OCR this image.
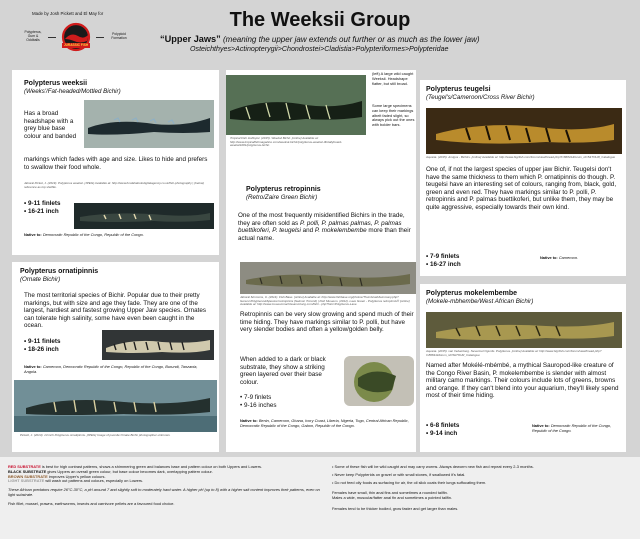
Made by Josh Pickett and El May for
Polypterus,
Gum &
Oddballs
JURASSIC FISH
Polyploid
Formation
The Weeksii Group
“Upper Jaws” (meaning the upper jaw extends out further or as much as the lower jaw)
Osteichthyes>Actinopterygii>Chondrostei>Cladistia>Polypteriformes>Polypteridae
Polypterus weeksii
(Weeks'/Fat-headed/Mottled Bichir)
Has a broad headshape with a grey blue base colour and banded
markings which fades with age and size. Likes to hide and prefers to swallow their food whole.
Jaboral Picket, J. (2019). Polypterus weeksii. [JPEG] Available at: http://www.fundahabotodigitalagency.co.uk/fish-photography | (below) reference as top shelfile.
• 9-11 finlets
• 16-21 inch
Native to: Democratic Republic of the Congo, Republic of the Congo.
Tropical Fish Hobbyist. (2015). Weeksii Bichir. [online] Available at: http://www.tropicalfishmagazine.com/weeksii-bichir/polypterus-weeksii-tftotallyboard-weeksii1001/pclypterus-bichir.
(left) A large wild caught Weeksii. Headshape flatter, but still broad.
Some large specimens can keep their markings albeit faded slight, so always pick out the ones with bolder bars.
Polypterus ornatipinnis
(Ornate Bichir)
The most territorial species of Bichir. Popular due to their pretty markings, but with size and age they fade. They are one of the largest, hardiest and fastest growing Upper Jaw species. Ornates can tolerate high salinity, some have even been caught in the ocean.
• 9-11 finlets
• 18-26 inch
Native to: Cameroon, Democratic Republic of the Congo, Republic of the Congo, Burundi, Tanzania, Angola.
Pickett, J. (2013). 13 inch Polypterus ornatipinnis. [JPEG] Image of juvenile Ornate Bichir photographer unknown.
Polypterus retropinnis
(Retro/Zaire Green Bichir)
One of the most frequently misidentified Bichirs in the trade, they are often sold as P. polli, P. palmas palmas, P. palmas buettikoferi, P. teugelsi and P. mokelembembe more than their actual name.
Jaboral Simmons, U. (2014). Fish Base. [online] Available at: http://www.fishbase.org/photos/ThumbnailsSummary.php?Genus=Polypterus&Species=retropinnis (Saimon Torrenti) | Fish Museum. (2012). Lave Green - Polypterus retropinnis® [online] Available at: http://www.museumnachtssammlung.com/fish/...php?foto=Polypterus-Lave.
Retropinnis can be very slow growing and spend much of their time hiding. They have markings similar to P. polli, but have very slender bodies and often a yellow/golden belly.
When added to a dark or black substrate, they show a striking green layered over their base colour.
• 7-9 finlets
• 9-16 inches
Native to: Benin, Cameroon, Ghana, Ivory Coast, Liberia, Nigeria, Togo, Central African Republic, Democratic Republic of the Congo, Gabon, Republic of the Congo.
Polypterus teugelsi
(Teugel's/Cameroon/Cross River Bichir)
Aquaria. (2015). Amigos - Bichirs. [online] Available at: http://www.bigrfish.com/forum/viewthread.php?t=86841&forum_id=5&TOUR_Catalogue
One of, if not the largest species of upper jaw Bichir. Teugelsi don't have the same thickness to them which P. ornatipinnis do though. P. teugelsi have an interesting set of colours, ranging from, black, gold, green and even red. They have markings similar to P. polli, P. retropinnis and P. palmas buettikoferi, but unlike them, they may be quite aggressive, especially towards their own kind.
• 7-9 finlets
• 16-27 inch
Native to: Cameroon.
Polypterus mokelembembe
(Mokele-mbhembe/West African Bichir)
Aquaria. (2015). van Velsenberg. Nevermel Ogunfe. Polypterus. [online] Available at: http://www.bigrfish.com/forum/viewthread.php?t=86841&forum_id=5&TOUR_Catalogue
Named after Mokélé-mbémbé, a mythical Sauropod-like creature of the Congo River Basin, P. mokelembembe is slender with almost military camo markings. Their colours include lots of greens, browns and orange. If they can't blend into your aquarium, they'll likely spend most of their time hiding.
• 6-8 finlets
• 9-14 inch
Native to: Democratic Republic of the Congo, Republic of the Congo.
RED SUBSTRATE is best for high contrast patterns, shows a shimmering green and balances base and pattern colour on both Uppers and Lowers.
BLACK SUBSTRATE gives Uppers an overall green colour, but base colour becomes dark, overlapping pattern colour.
BROWN SUBSTRATE improves Upper's yellow colours.
LIGHT SUBSTRATE will wash out patterns and colours, especially on Lowers.
These African predators require 26°C-30°C, a pH around 7 and slightly soft to moderately hard water. A higher pH (up to 8) with a higher salt content improves their patterns, even on light substrate.
Fish fillet, mussel, prawns, earthworms, insects and carnivore pellets are a favoured food choice.
• Some of these fish will be wild caught and may carry worms. Always deworm new fish and repeat every 2-3 months.
• Never keep Polypterids on gravel or with small stones, if swallowed it's fatal.
• Do not feed oily foods as surfacing for air, the oil slick coats their lungs suffocating them.
Females have small, thin anal fins and sometimes a rounded tailfin.
Males a wide, muscular/fatter anal fin and sometimes a pointed tailfin.
Females tend to be thicker bodied, grow faster and get larger than males.
